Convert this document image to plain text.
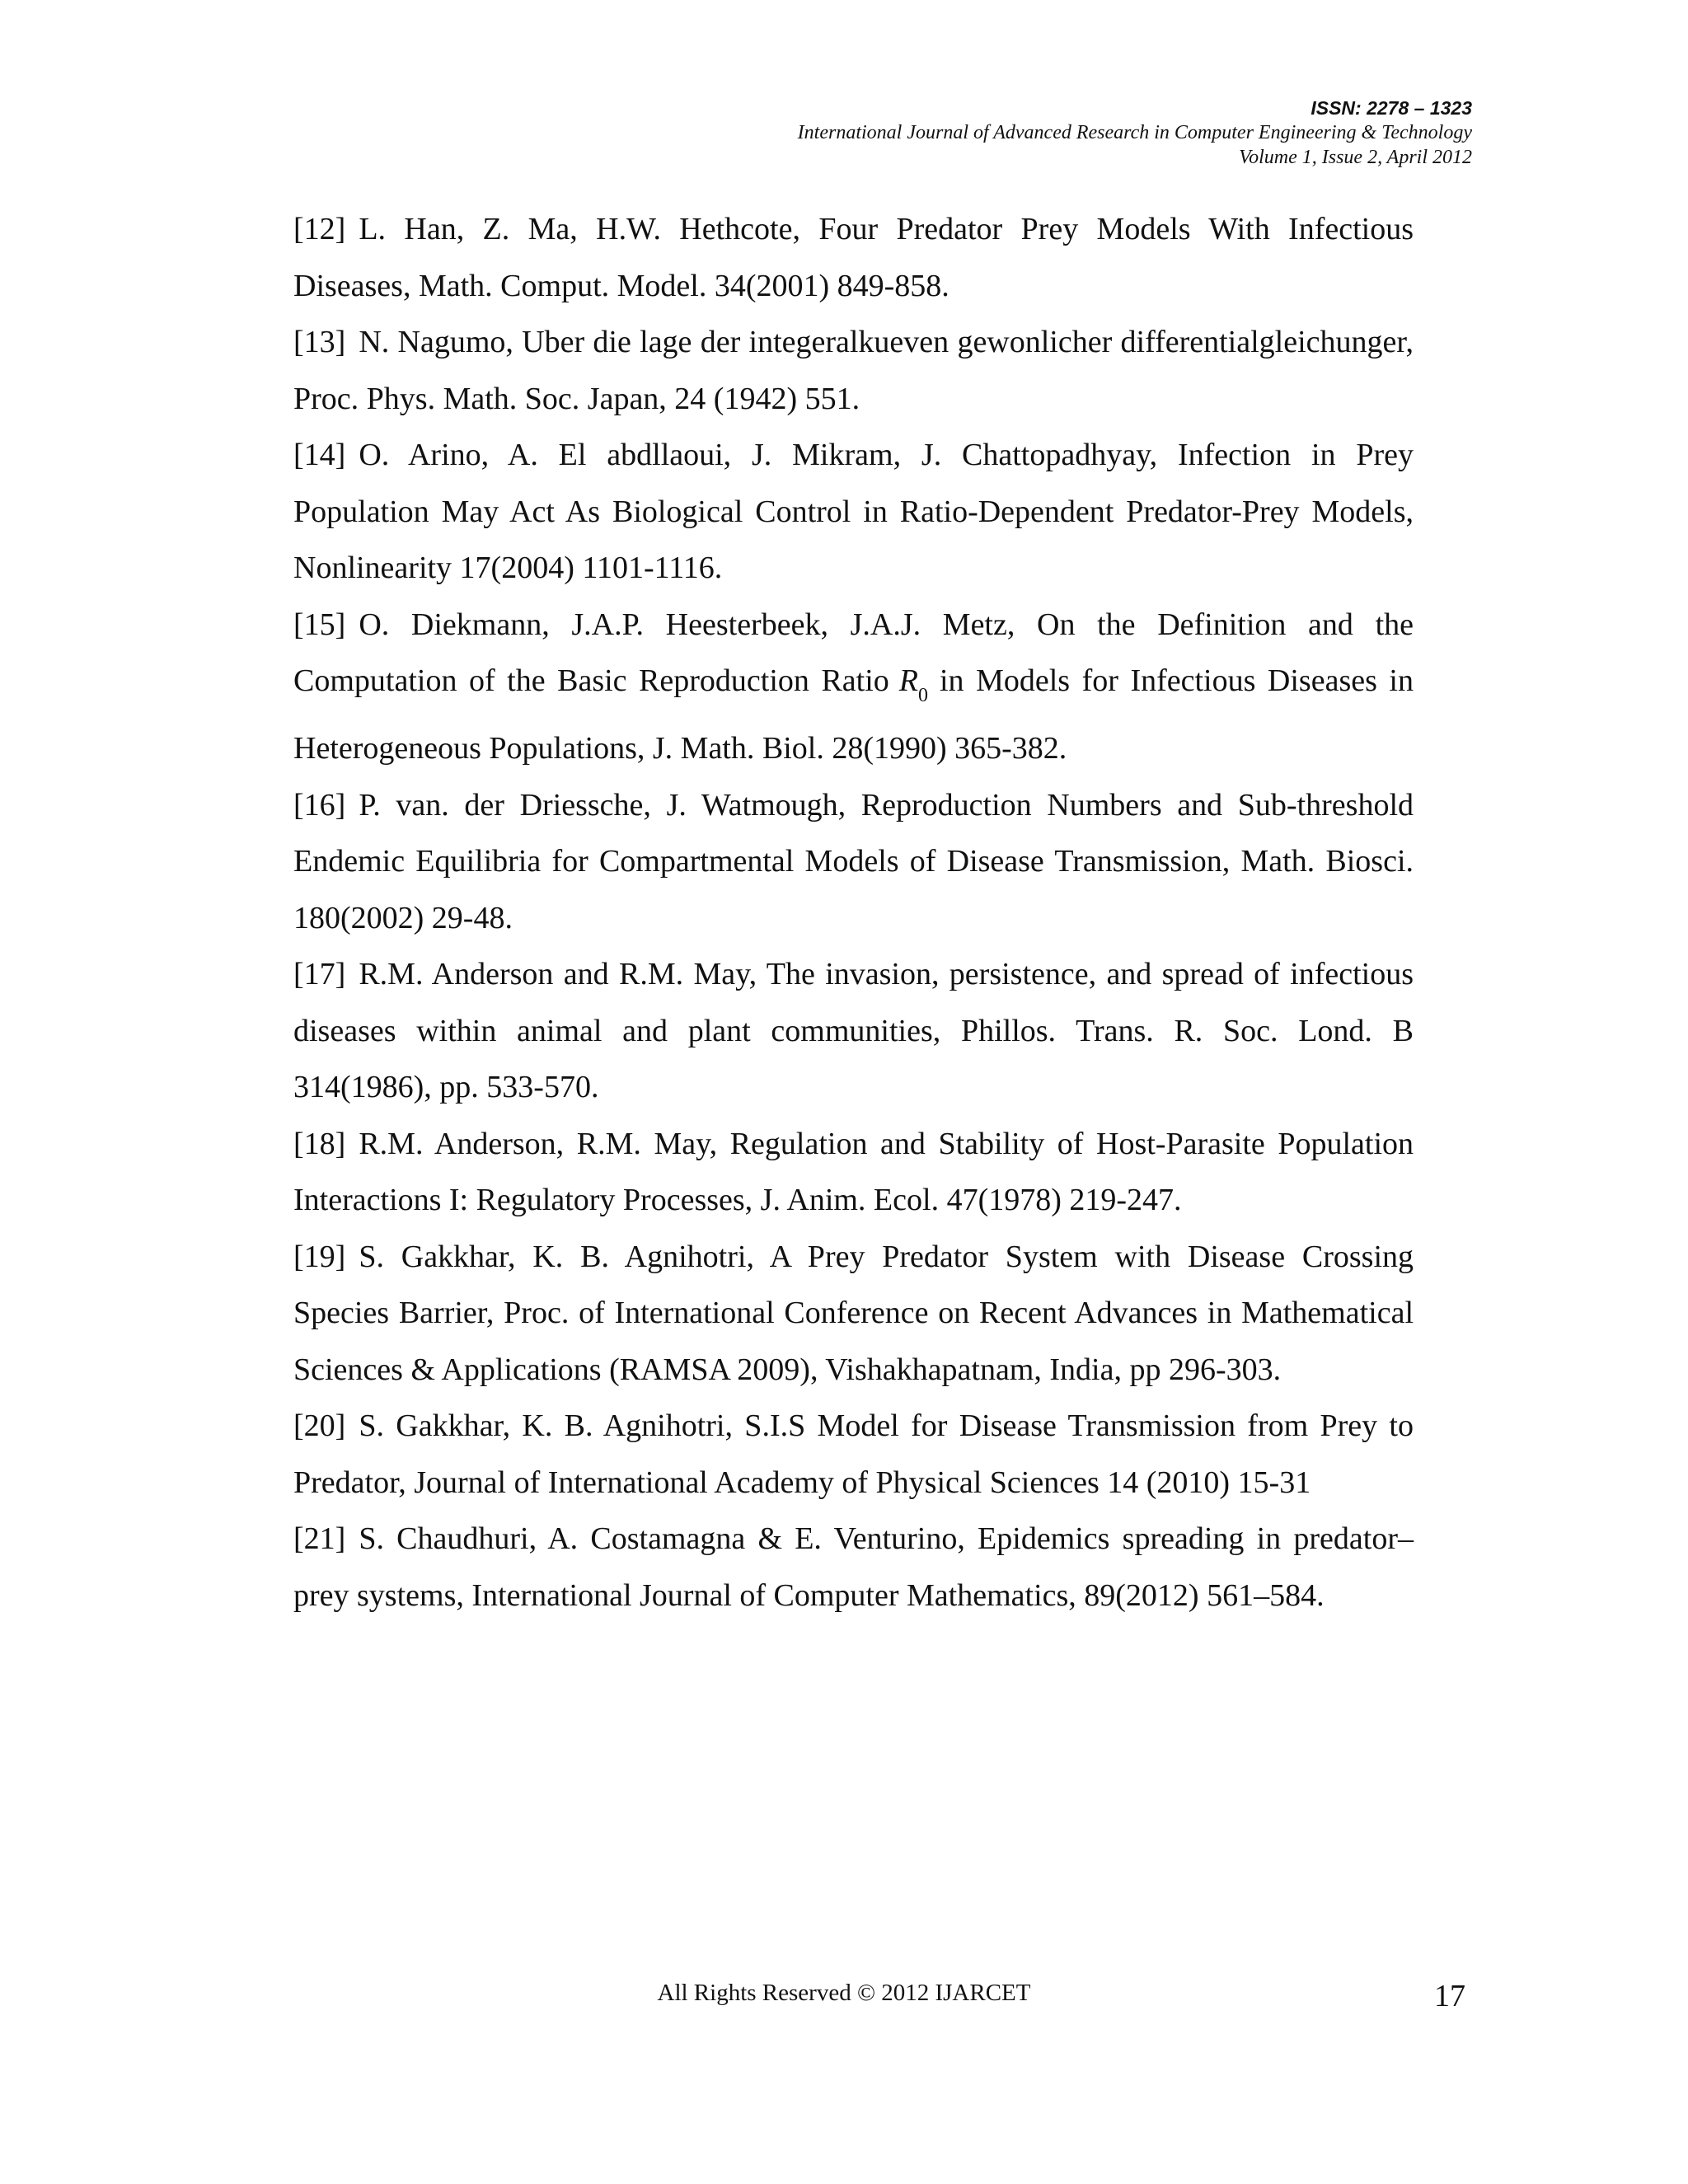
ISSN: 2278 – 1323
International Journal of Advanced Research in Computer Engineering & Technology
Volume 1, Issue 2, April 2012

[12] L. Han, Z. Ma, H.W. Hethcote, Four Predator Prey Models With Infectious Diseases, Math. Comput. Model. 34(2001) 849-858.

[13] N. Nagumo, Uber die lage der integeralkueven gewonlicher differentialgleichunger, Proc. Phys. Math. Soc. Japan, 24 (1942) 551.

[14] O. Arino, A. El abdllaoui, J. Mikram, J. Chattopadhyay, Infection in Prey Population May Act As Biological Control in Ratio-Dependent Predator-Prey Models, Nonlinearity 17(2004) 1101-1116.

[15] O. Diekmann, J.A.P. Heesterbeek, J.A.J. Metz, On the Definition and the Computation of the Basic Reproduction Ratio $R_0$ in Models for Infectious Diseases in Heterogeneous Populations, J. Math. Biol. 28(1990) 365-382.

[16] P. van. der Driessche, J. Watmough, Reproduction Numbers and Sub-threshold Endemic Equilibria for Compartmental Models of Disease Transmission, Math. Biosci. 180(2002) 29-48.

[17] R.M. Anderson and R.M. May, The invasion, persistence, and spread of infectious diseases within animal and plant communities, Phillos. Trans. R. Soc. Lond. B 314(1986), pp. 533-570.

[18] R.M. Anderson, R.M. May, Regulation and Stability of Host-Parasite Population Interactions I: Regulatory Processes, J. Anim. Ecol. 47(1978) 219-247.

[19] S. Gakkhar, K. B. Agnihotri, A Prey Predator System with Disease Crossing Species Barrier, Proc. of International Conference on Recent Advances in Mathematical Sciences & Applications (RAMSA 2009), Vishakhapatnam, India, pp 296-303.

[20] S. Gakkhar, K. B. Agnihotri, S.I.S Model for Disease Transmission from Prey to Predator, Journal of International Academy of Physical Sciences 14 (2010) 15-31

[21] S. Chaudhuri, A. Costamagna & E. Venturino, Epidemics spreading in predator–prey systems, International Journal of Computer Mathematics, 89(2012) 561–584.

All Rights Reserved © 2012 IJARCET	17
